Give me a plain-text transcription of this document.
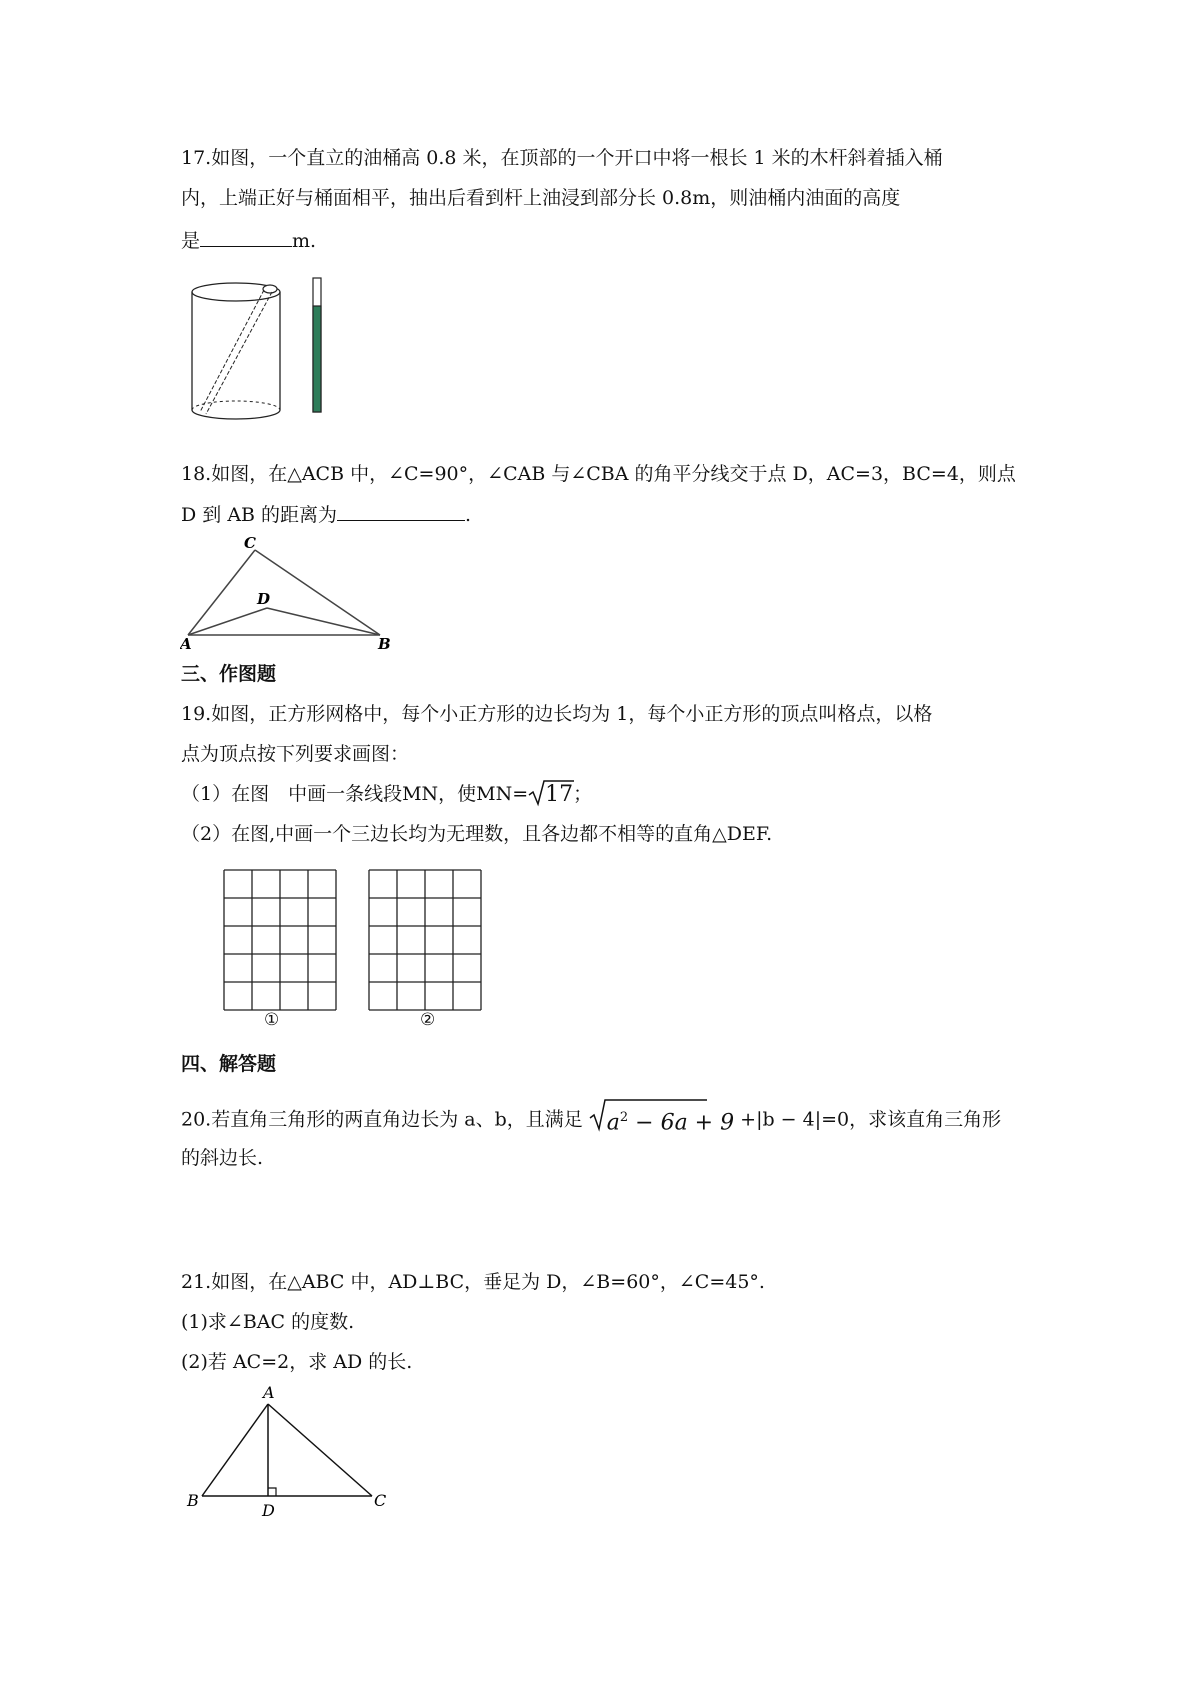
17.如图，一个直立的油桶高 0.8 米，在顶部的一个开口中将一根长 1 米的木杆斜着插入桶
内，上端正好与桶面相平，抽出后看到杆上油浸到部分长 0.8m，则油桶内油面的高度
是	m.
18.如图，在△ACB 中，∠C=90°，∠CAB 与∠CBA 的角平分线交于点 D，AC=3，BC=4，则点
D 到 AB 的距离为	.
C
D
A	B
三、作图题
19.如图，正方形网格中，每个小正方形的边长均为 1，每个小正方形的顶点叫格点，以格
点为顶点按下列要求画图：
（1）在图　中画一条线段MN，使MN= 17；
（2）在图,中画一个三边长均为无理数，且各边都不相等的直角△DEF.
①	②
四、解答题
20.若直角三角形的两直角边长为 a、b，且满足 $a^2 - 6a + 9 +|b - 4|=0$，求该直角三角形
的斜边长.
21.如图，在△ABC 中，AD⊥BC，垂足为 D，∠B=60°，∠C=45°.
(1)求∠BAC 的度数.
(2)若 AC=2，求 AD 的长.
A
B	C
D
